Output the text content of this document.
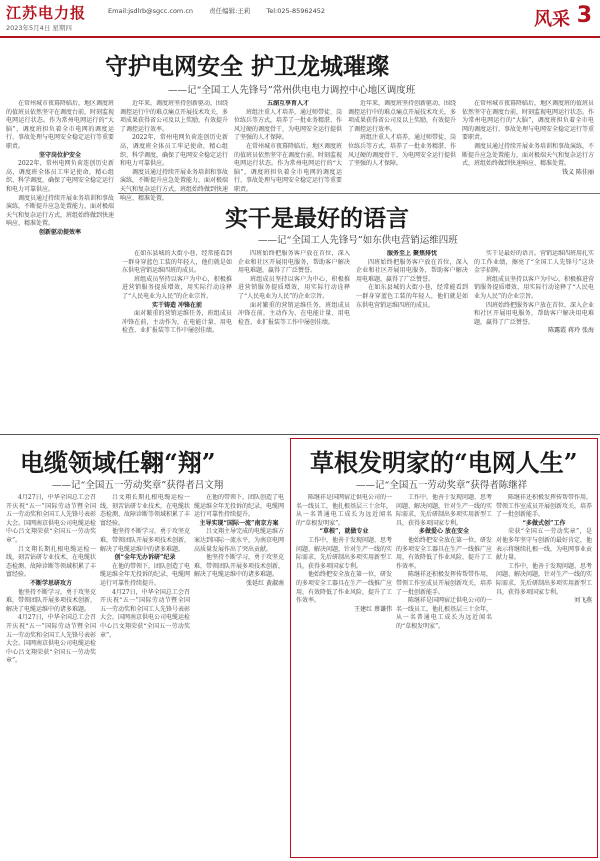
江苏电力报
2023年5月4日 星期四
Email:jsdlrb@sgcc.com.cn 责任编辑:王莉 Tel:025-85962452	风采 3
守护电网安全 护卫龙城璀璨
——记“全国工人先锋号”常州供电电力调控中心地区调度班

在常州城市夜幕降临后，地区调度班的值班员依然坚守在调度台前，时刻监视电网运行状态。作为常州电网运行的“大脑”，调度班担负着全市电网的调度运行、事故处理与电网安全稳定运行等重要职责。

坚守岗位护安全

2022年，常州电网负荷连创历史新高，调度班全体员工牢记使命，精心组织、科学调度，确保了电网安全稳定运行和电力可靠供应。

调度员通过持续开展业务培训和事故演练，不断提升应急处置能力，面对极端天气和复杂运行方式，班组始终做到快速响应、精准处置。

创新驱动提效率

近年来，调度班坚持创新驱动，围绕调控运行中的难点痛点开展技术攻关，多项成果获得省公司及以上奖励，有效提升了调控运行效率。

2022年，常州电网负荷连创历史新高，调度班全体员工牢记使命，精心组织、科学调度，确保了电网安全稳定运行和电力可靠供应。

调度员通过持续开展业务培训和事故演练，不断提升应急处置能力，面对极端天气和复杂运行方式，班组始终做到快速响应、精准处置。

五湖互享育人才

班组注重人才培养，通过师带徒、岗位练兵等方式，培养了一批业务精湛、作风过硬的调度骨干，为电网安全运行提供了坚强的人才保障。

在常州城市夜幕降临后，地区调度班的值班员依然坚守在调度台前，时刻监视电网运行状态。作为常州电网运行的“大脑”，调度班担负着全市电网的调度运行、事故处理与电网安全稳定运行等重要职责。

近年来，调度班坚持创新驱动，围绕调控运行中的难点痛点开展技术攻关，多项成果获得省公司及以上奖励，有效提升了调控运行效率。

班组注重人才培养，通过师带徒、岗位练兵等方式，培养了一批业务精湛、作风过硬的调度骨干，为电网安全运行提供了坚强的人才保障。

在常州城市夜幕降临后，地区调度班的值班员依然坚守在调度台前，时刻监视电网运行状态。作为常州电网运行的“大脑”，调度班担负着全市电网的调度运行、事故处理与电网安全稳定运行等重要职责。

调度员通过持续开展业务培训和事故演练，不断提升应急处置能力，面对极端天气和复杂运行方式，班组始终做到快速响应、精准处置。

钱义 陈佳丽
实干是最好的语言
——记“全国工人先锋号”如东供电营销运维四班

在如东县城的大街小巷，经常能看到一群身穿蓝色工装的年轻人，他们就是如东供电营销运维四班的成员。

班组成员坚持以客户为中心，积极推进营销服务提质增效，用实际行动诠释了“人民电业为人民”的企业宗旨。

实干铸造 冲锋在前

面对繁重的营销运维任务，班组成员冲锋在前，主动作为，在电能计量、用电检查、业扩报装等工作中屡创佳绩。

四班始终把服务客户放在首位，深入企业和社区开展用电服务，帮助客户解决用电难题，赢得了广泛赞誉。

班组成员坚持以客户为中心，积极推进营销服务提质增效，用实际行动诠释了“人民电业为人民”的企业宗旨。

面对繁重的营销运维任务，班组成员冲锋在前，主动作为，在电能计量、用电检查、业扩报装等工作中屡创佳绩。

服务至上 聚焦排忧

四班始终把服务客户放在首位，深入企业和社区开展用电服务，帮助客户解决用电难题，赢得了广泛赞誉。

在如东县城的大街小巷，经常能看到一群身穿蓝色工装的年轻人，他们就是如东供电营销运维四班的成员。

实干是最好的语言。营销运维四班用扎实的工作业绩，擦亮了“全国工人先锋号”这块金字招牌。

班组成员坚持以客户为中心，积极推进营销服务提质增效，用实际行动诠释了“人民电业为人民”的企业宗旨。

四班始终把服务客户放在首位，深入企业和社区开展用电服务，帮助客户解决用电难题，赢得了广泛赞誉。

陈露霞 蒋玲 张海
电缆领域任翱“翔”
——记“全国五一劳动奖章”获得者吕文翔

4月27日，中华全国总工会召开庆祝“五一”国际劳动节暨全国五一劳动奖和全国工人先锋号表彰大会。国网南京供电公司电缆运检中心吕文翔荣获“全国五一劳动奖章”。

吕文翔长期扎根电缆运检一线，刻苦钻研专业技术，在电缆状态检测、故障诊断等领域积累了丰富经验。

不断学思研攻方

他坚持不断学习，勇于攻坚克难，带领团队开展多项技术创新，解决了电缆运维中的诸多难题。

4月27日，中华全国总工会召开庆祝“五一”国际劳动节暨全国五一劳动奖和全国工人先锋号表彰大会。国网南京供电公司电缆运检中心吕文翔荣获“全国五一劳动奖章”。

吕文翔长期扎根电缆运检一线，刻苦钻研专业技术，在电缆状态检测、故障诊断等领域积累了丰富经验。

他坚持不断学习，勇于攻坚克难，带领团队开展多项技术创新，解决了电缆运维中的诸多难题。

创“全年无办诉研”纪录

在他的带领下，团队创造了电缆运维全年无投诉的纪录，电缆网运行可靠性持续提升。

4月27日，中华全国总工会召开庆祝“五一”国际劳动节暨全国五一劳动奖和全国工人先锋号表彰大会。国网南京供电公司电缆运检中心吕文翔荣获“全国五一劳动奖章”。

在他的带领下，团队创造了电缆运维全年无投诉的纪录，电缆网运行可靠性持续提升。

主导实现“国际一流”南京方案

吕文翔主导完成的电缆运维方案达到国际一流水平，为南京电网高质量发展作出了突出贡献。

他坚持不断学习，勇于攻坚克难，带领团队开展多项技术创新，解决了电缆运维中的诸多难题。

张延红 黄淑南
草根发明家的“电网人生”
——记“全国五一劳动奖章”获得者陈继祥

陈继祥是国网宿迁供电公司的一名一线员工，他扎根基层三十余年，从一名普通电工成长为远近闻名的“草根发明家”。

“草根”，就做专业

工作中，他善于发现问题、思考问题、解决问题，针对生产一线的实际需求，先后研制出多项实用新型工具，获得多项国家专利。

他始终把安全放在第一位，研发的多项安全工器具在生产一线推广应用，有效降低了作业风险，提升了工作效率。

王建红 蔡谦伟

工作中，他善于发现问题、思考问题、解决问题，针对生产一线的实际需求，先后研制出多项实用新型工具，获得多项国家专利。

多做爱心 放在安全

他始终把安全放在第一位，研发的多项安全工器具在生产一线推广应用，有效降低了作业风险，提升了工作效率。

陈继祥还积极发挥传帮带作用，带领工作室成员开展创新攻关，培养了一批创新能手。

陈继祥是国网宿迁供电公司的一名一线员工，他扎根基层三十余年，从一名普通电工成长为远近闻名的“草根发明家”。

陈继祥还积极发挥传帮带作用，带领工作室成员开展创新攻关，培养了一批创新能手。

“多做式创”工作

荣获“全国五一劳动奖章”，是对他多年坚守与创新的最好肯定，他表示将继续扎根一线，为电网事业贡献力量。

工作中，他善于发现问题、思考问题、解决问题，针对生产一线的实际需求，先后研制出多项实用新型工具，获得多项国家专利。

刘飞燕
